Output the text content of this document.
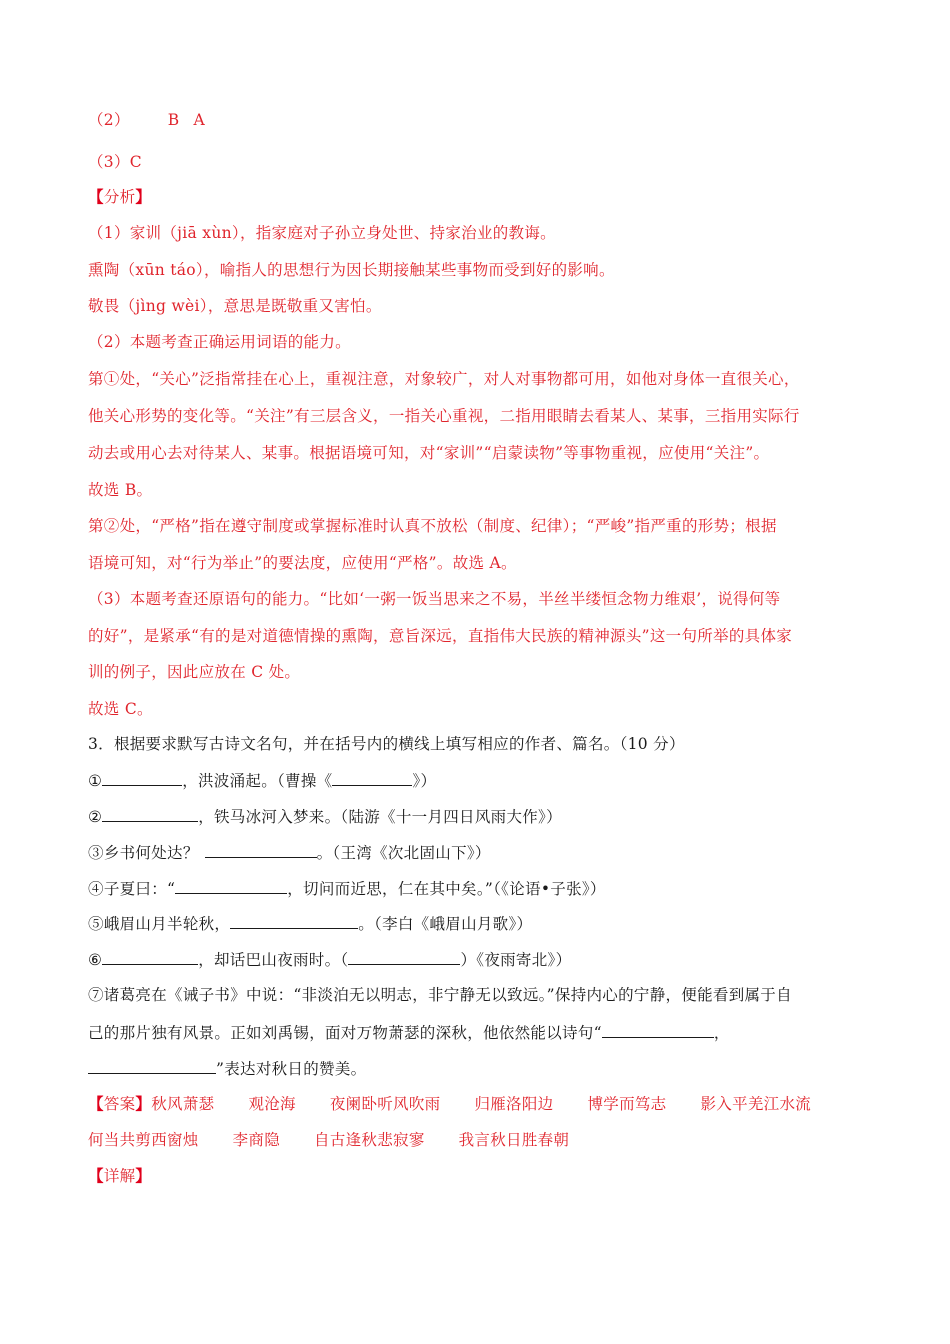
（2） B A
（3）C
【分析】
（1）家训（jiā xùn），指家庭对子孙立身处世、持家治业的教诲。
熏陶（xūn táo），喻指人的思想行为因长期接触某些事物而受到好的影响。
敬畏（jìng wèi），意思是既敬重又害怕。
（2）本题考查正确运用词语的能力。
第①处，“关心”泛指常挂在心上，重视注意，对象较广，对人对事物都可用，如他对身体一直很关心，
他关心形势的变化等。“关注”有三层含义，一指关心重视，二指用眼睛去看某人、某事，三指用实际行
动去或用心去对待某人、某事。根据语境可知，对“家训”“启蒙读物”等事物重视，应使用“关注”。
故选 B。
第②处，“严格”指在遵守制度或掌握标准时认真不放松（制度、纪律）；“严峻”指严重的形势；根据
语境可知，对“行为举止”的要法度，应使用“严格”。故选 A。
（3）本题考查还原语句的能力。“比如‘一粥一饭当思来之不易，半丝半缕恒念物力维艰’，说得何等
的好”，是紧承“有的是对道德情操的熏陶，意旨深远，直指伟大民族的精神源头”这一句所举的具体家
训的例子，因此应放在 C 处。
故选 C。
3．根据要求默写古诗文名句，并在括号内的横线上填写相应的作者、篇名。（10 分）
①	，洪波涌起。（曹操《	》）
②	，铁马冰河入梦来。（陆游《十一月四日风雨大作》）
③乡书何处达？	。（王湾《次北固山下》）
④子夏曰：“	，切问而近思，仁在其中矣。”（《论语•子张》）
⑤峨眉山月半轮秋，	。（李白《峨眉山月歌》）
⑥	，却话巴山夜雨时。（	）《夜雨寄北》）
⑦诸葛亮在《诫子书》中说：“非淡泊无以明志，非宁静无以致远。”保持内心的宁静，便能看到属于自
己的那片独有风景。正如刘禹锡，面对万物萧瑟的深秋，他依然能以诗句“	，
”表达对秋日的赞美。
【答案】秋风萧瑟 观沧海 夜阑卧听风吹雨 归雁洛阳边 博学而笃志 影入平羌江水流
何当共剪西窗烛 李商隐 自古逢秋悲寂寥 我言秋日胜春朝
【详解】
